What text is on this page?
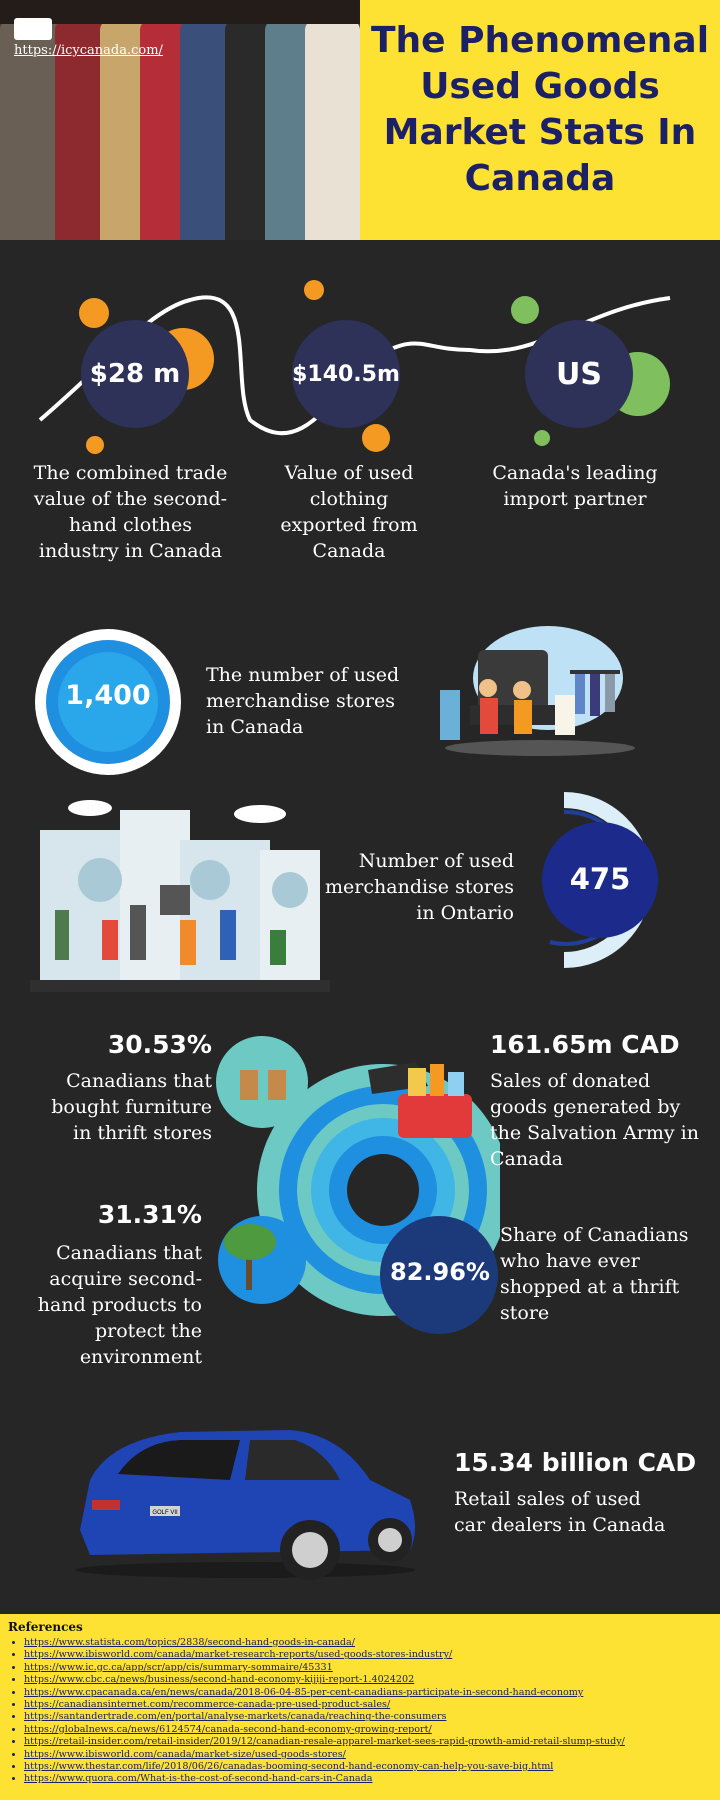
https://icycanada.com/	The Phenomenal Used Goods Market Stats In Canada
$28 m	$140.5m	US
The combined trade value of the second-hand clothes industry in Canada
Value of used clothing exported from Canada
Canada's leading import partner
1,400
The number of used merchandise stores in Canada
Number of used merchandise stores in Ontario
475
30.53%
Canadians that bought furniture in thrift stores
31.31%
Canadians that acquire second-hand products to protect the environment
82.96%
161.65m CAD
Sales of donated goods generated by the Salvation Army in Canada
Share of Canadians who have ever shopped at a thrift store
GOLF VII
15.34 billion CAD
Retail sales of used car dealers in Canada
References
• https://www.statista.com/topics/2838/second-hand-goods-in-canada/
• https://www.ibisworld.com/canada/market-research-reports/used-goods-stores-industry/
• https://www.ic.gc.ca/app/scr/app/cis/summary-sommaire/45331
• https://www.cbc.ca/news/business/second-hand-economy-kijiji-report-1.4024202
• https://www.cpacanada.ca/en/news/canada/2018-06-04-85-per-cent-canadians-participate-in-second-hand-economy
• https://canadiansinternet.com/recommerce-canada-pre-used-product-sales/
• https://santandertrade.com/en/portal/analyse-markets/canada/reaching-the-consumers
• https://globalnews.ca/news/6124574/canada-second-hand-economy-growing-report/
• https://retail-insider.com/retail-insider/2019/12/canadian-resale-apparel-market-sees-rapid-growth-amid-retail-slump-study/
• https://www.ibisworld.com/canada/market-size/used-goods-stores/
• https://www.thestar.com/life/2018/06/26/canadas-booming-second-hand-economy-can-help-you-save-big.html
• https://www.quora.com/What-is-the-cost-of-second-hand-cars-in-Canada
